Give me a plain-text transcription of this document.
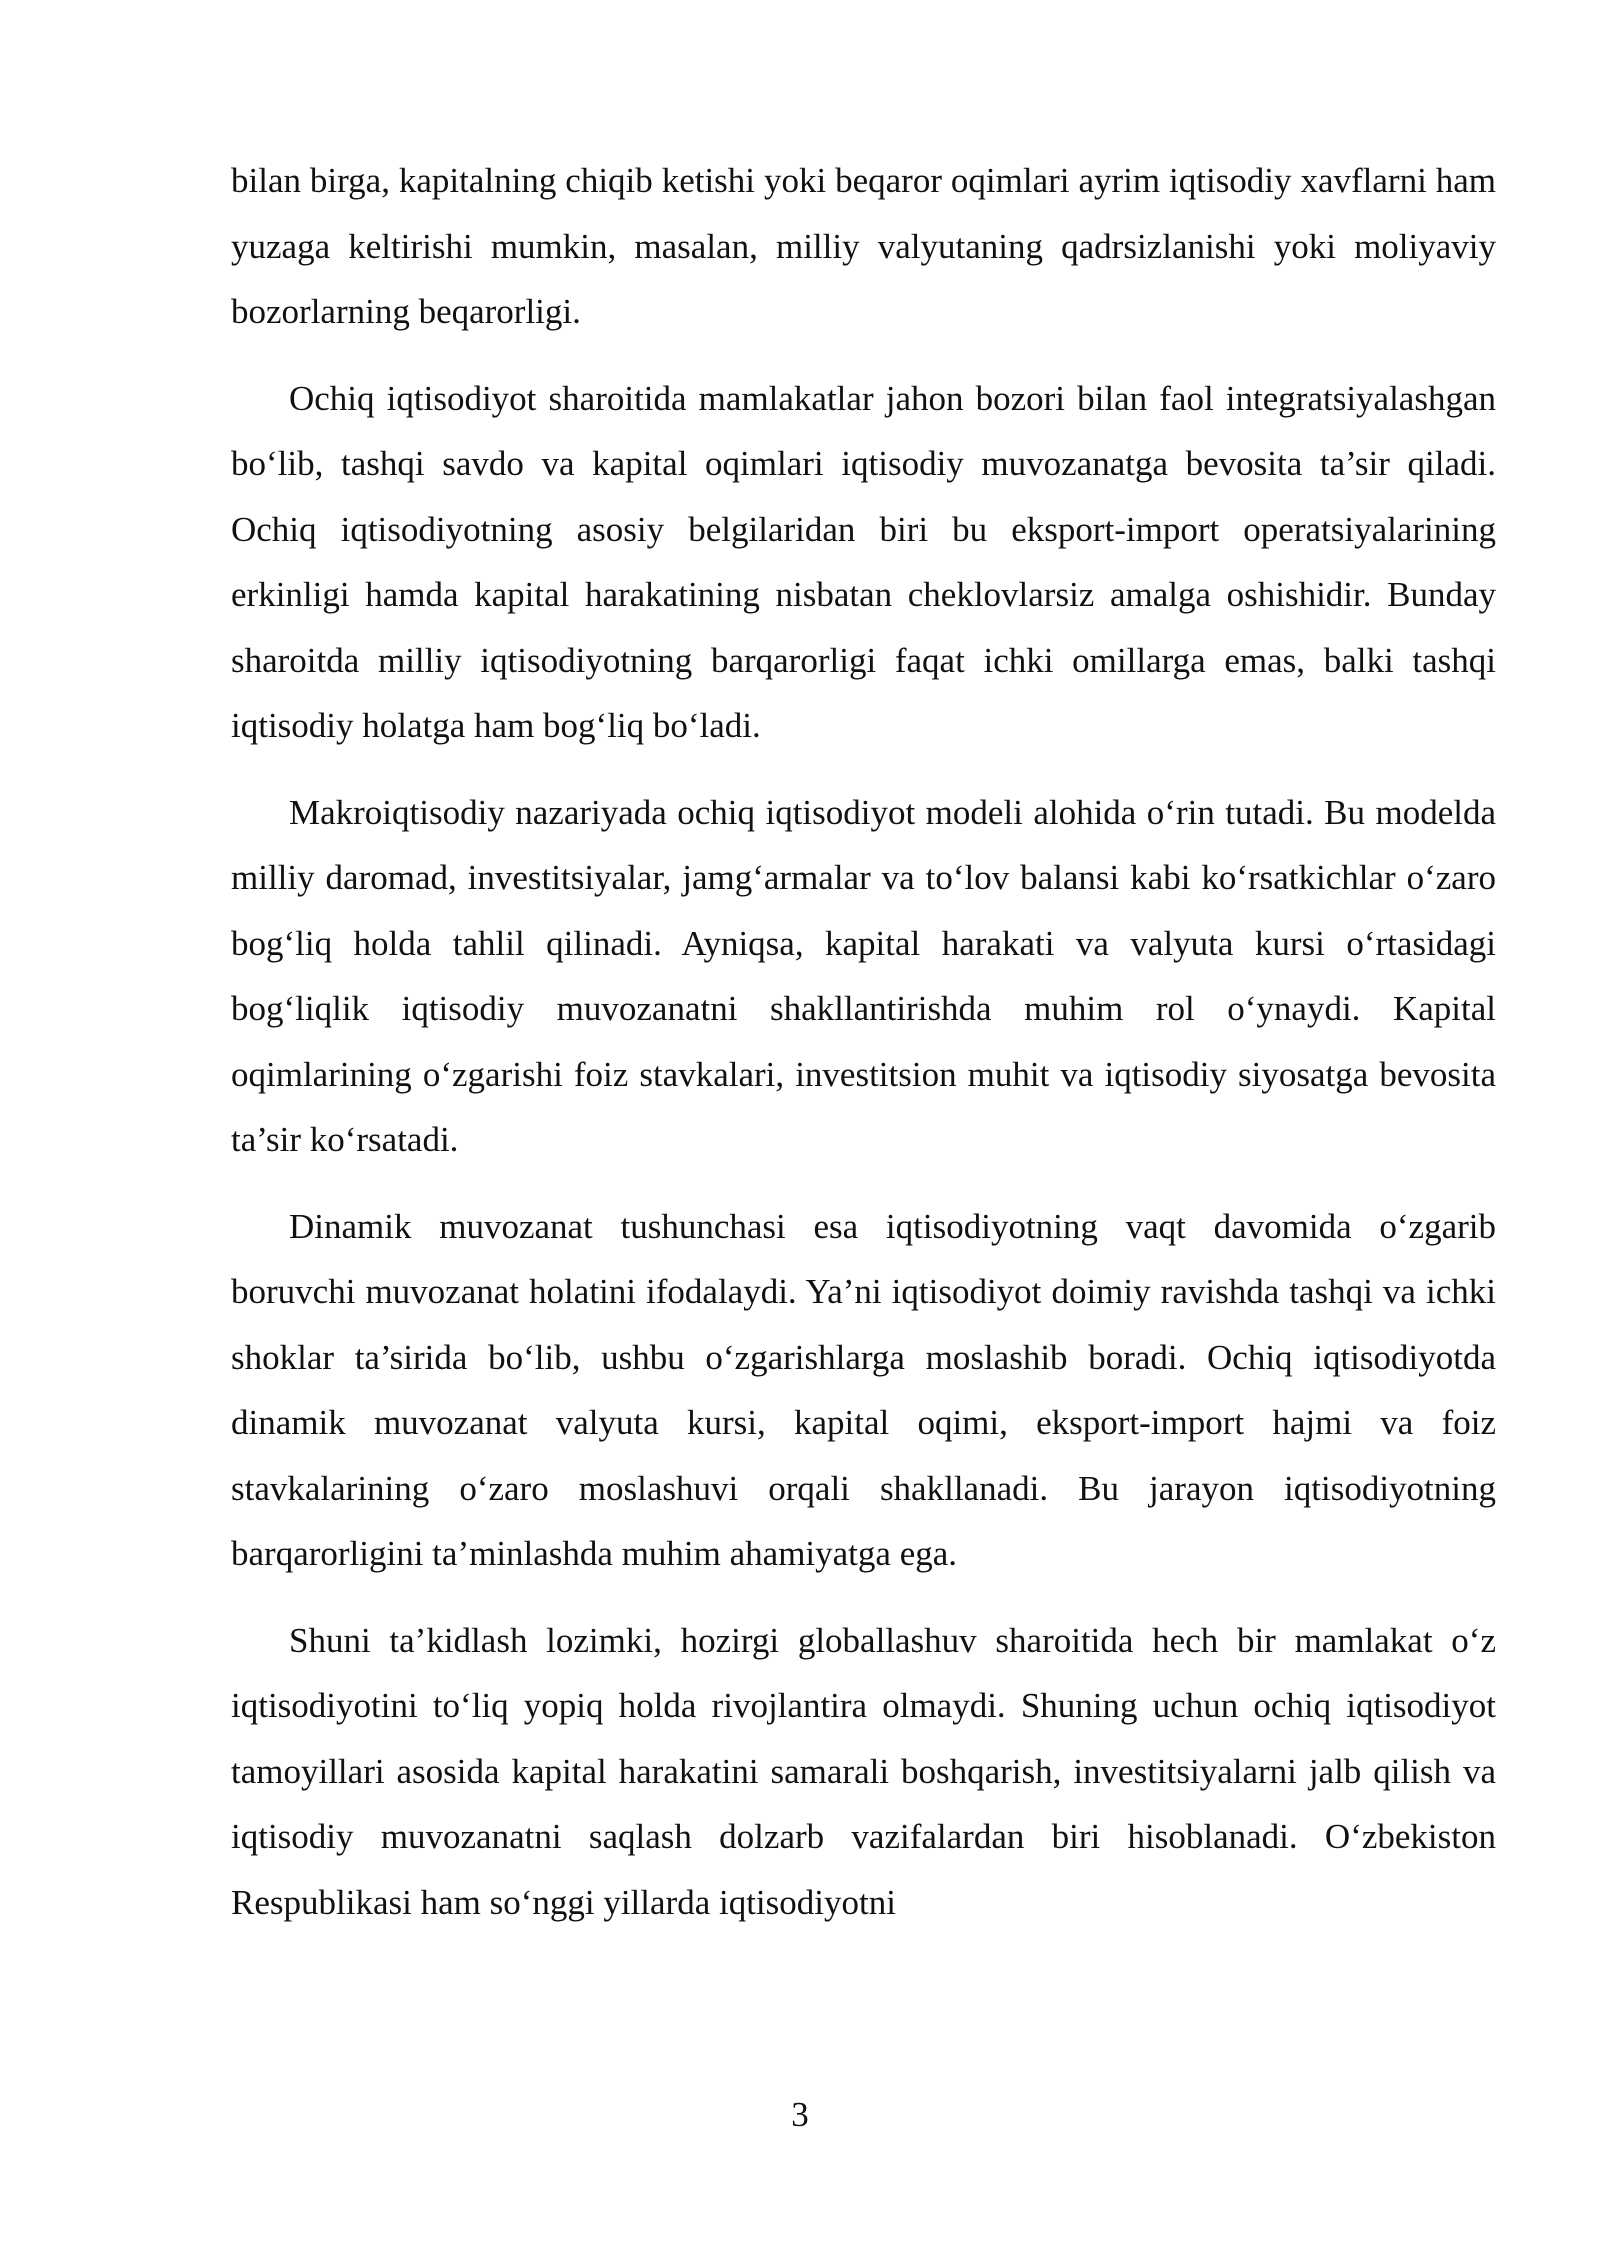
bilan birga, kapitalning chiqib ketishi yoki beqaror oqimlari ayrim iqtisodiy xavflarni ham yuzaga keltirishi mumkin, masalan, milliy valyutaning qadrsizlanishi yoki moliyaviy bozorlarning beqarorligi.

Ochiq iqtisodiyot sharoitida mamlakatlar jahon bozori bilan faol integratsiyalashgan bo‘lib, tashqi savdo va kapital oqimlari iqtisodiy muvozanatga bevosita ta’sir qiladi. Ochiq iqtisodiyotning asosiy belgilaridan biri bu eksport-import operatsiyalarining erkinligi hamda kapital harakatining nisbatan cheklovlarsiz amalga oshishidir. Bunday sharoitda milliy iqtisodiyotning barqarorligi faqat ichki omillarga emas, balki tashqi iqtisodiy holatga ham bog‘liq bo‘ladi.

Makroiqtisodiy nazariyada ochiq iqtisodiyot modeli alohida o‘rin tutadi. Bu modelda milliy daromad, investitsiyalar, jamg‘armalar va to‘lov balansi kabi ko‘rsatkichlar o‘zaro bog‘liq holda tahlil qilinadi. Ayniqsa, kapital harakati va valyuta kursi o‘rtasidagi bog‘liqlik iqtisodiy muvozanatni shakllantirishda muhim rol o‘ynaydi. Kapital oqimlarining o‘zgarishi foiz stavkalari, investitsion muhit va iqtisodiy siyosatga bevosita ta’sir ko‘rsatadi.

Dinamik muvozanat tushunchasi esa iqtisodiyotning vaqt davomida o‘zgarib boruvchi muvozanat holatini ifodalaydi. Ya’ni iqtisodiyot doimiy ravishda tashqi va ichki shoklar ta’sirida bo‘lib, ushbu o‘zgarishlarga moslashib boradi. Ochiq iqtisodiyotda dinamik muvozanat valyuta kursi, kapital oqimi, eksport-import hajmi va foiz stavkalarining o‘zaro moslashuvi orqali shakllanadi. Bu jarayon iqtisodiyotning barqarorligini ta’minlashda muhim ahamiyatga ega.

Shuni ta’kidlash lozimki, hozirgi globallashuv sharoitida hech bir mamlakat o‘z iqtisodiyotini to‘liq yopiq holda rivojlantira olmaydi. Shuning uchun ochiq iqtisodiyot tamoyillari asosida kapital harakatini samarali boshqarish, investitsiyalarni jalb qilish va iqtisodiy muvozanatni saqlash dolzarb vazifalardan biri hisoblanadi. O‘zbekiston Respublikasi ham so‘nggi yillarda iqtisodiyotni

3
